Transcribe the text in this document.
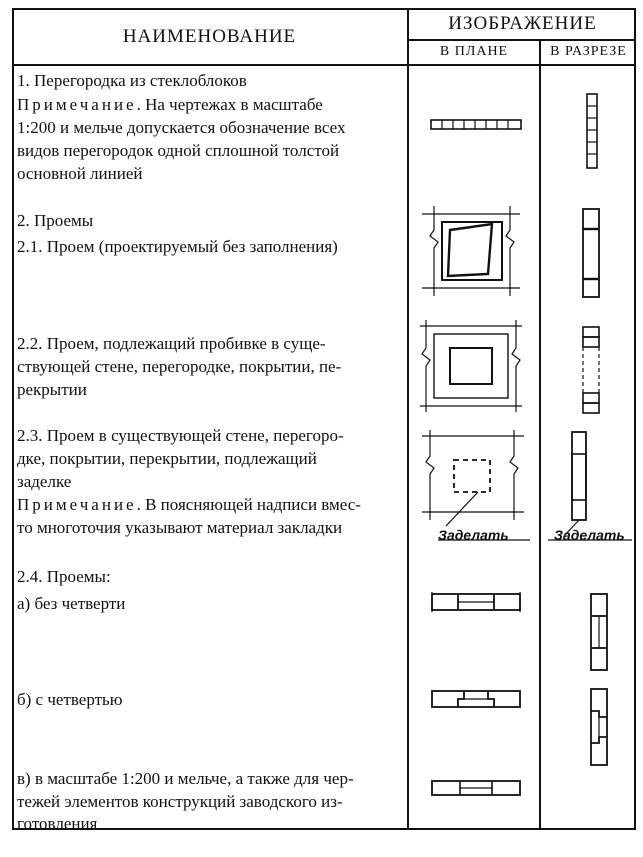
НАИМЕНОВАНИЕ
ИЗОБРАЖЕНИЕ
В ПЛАНЕ	В РАЗРЕЗЕ
1. Перегородка из стеклоблоков
Примечание. На чертежах в масштабе
1:200 и мельче допускается обозначение всех
видов перегородок одной сплошной толстой
основной линией
2. Проемы
2.1. Проем (проектируемый без заполнения)
2.2. Проем, подлежащий пробивке в суще-
ствующей стене, перегородке, покрытии, пе-
рекрытии
2.3. Проем в существующей стене, перегоро-
дке, покрытии, перекрытии, подлежащий
заделке
Примечание. В поясняющей надписи вмес-
то многоточия указывают материал закладки
2.4. Проемы:
а) без четверти
б) с четвертью
в) в масштабе 1:200 и мельче, а также для чер-
тежей элементов конструкций заводского из-
готовления
Заделать	Заделать
